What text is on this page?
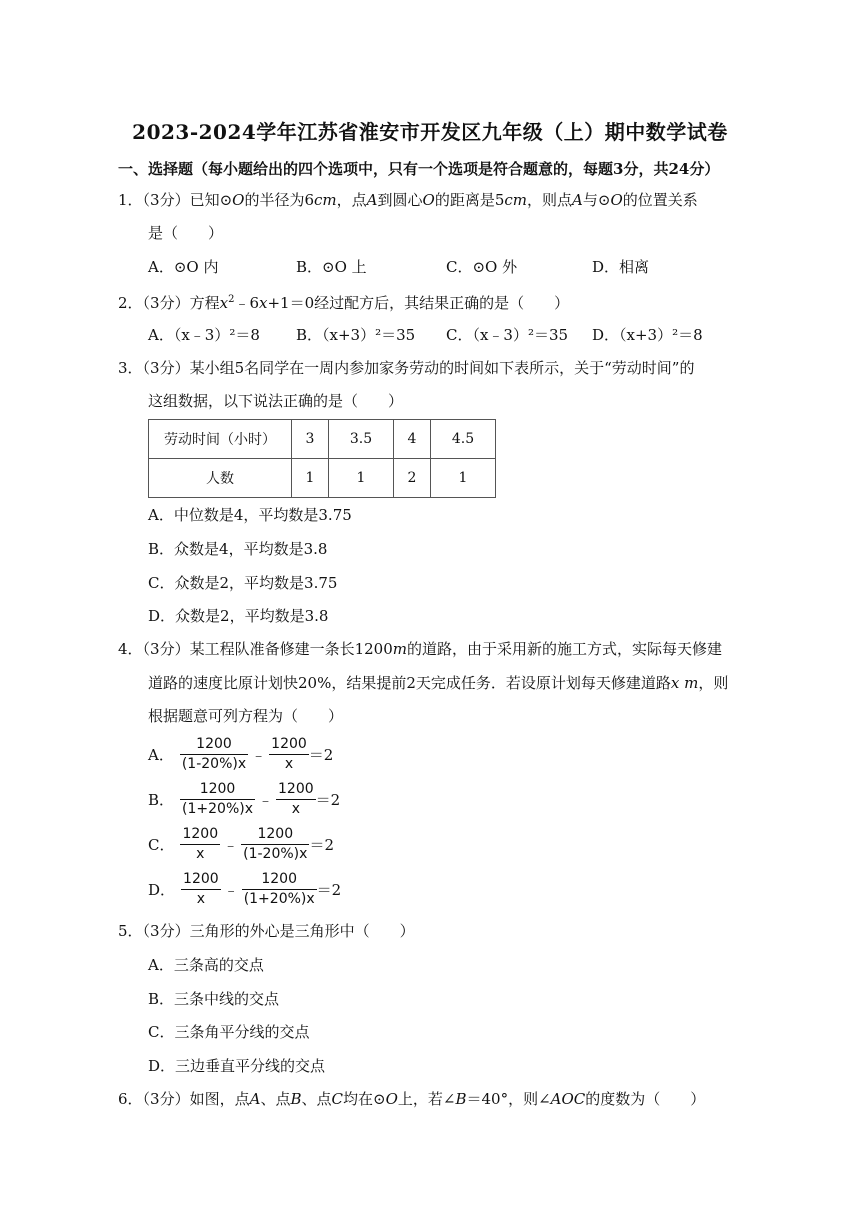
2023-2024学年江苏省淮安市开发区九年级（上）期中数学试卷
一、选择题（每小题给出的四个选项中，只有一个选项是符合题意的，每题3分，共24分）
1．（3分）已知⊙O的半径为6cm，点A到圆心O的距离是5cm，则点A与⊙O的位置关系
是（　　）
A．⊙O 内	B．⊙O 上	C．⊙O 外	D．相离
2．（3分）方程$x^2﹣6x+1=0$经过配方后，其结果正确的是（　　）
A．（x﹣3）²＝8 B．（x+3）²＝35 C．（x﹣3）²＝35 D．（x+3）²＝8
3．（3分）某小组5名同学在一周内参加家务劳动的时间如下表所示，关于“劳动时间”的
这组数据，以下说法正确的是（　　）
劳动时间（小时）	3	3.5	4	4.5
人数	1	1	2	1
A．中位数是4，平均数是3.75
B．众数是4，平均数是3.8
C．众数是2，平均数是3.75
D．众数是2，平均数是3.8
4．（3分）某工程队准备修建一条长1200m的道路，由于采用新的施工方式，实际每天修建
道路的速度比原计划快20%，结果提前2天完成任务．若设原计划每天修建道路x m，则
根据题意可列方程为（　　）
A． $\frac{1200}{(1-20\%)x}$ ﹣ $\frac{1200}{x} =2$
B． $\frac{1200}{(1+20\%)x}$ ﹣ $\frac{1200}{x} =2$
C． $\frac{1200}{x}$ ﹣ $\frac{1200}{(1-20\%)x} =2$
D． $\frac{1200}{x}$ ﹣ $\frac{1200}{(1+20\%)x} =2$
5．（3分）三角形的外心是三角形中（　　）
A．三条高的交点
B．三条中线的交点
C．三条角平分线的交点
D．三边垂直平分线的交点
6．（3分）如图，点A、点B、点C均在⊙O上，若∠B＝40°，则∠AOC的度数为（　　）
